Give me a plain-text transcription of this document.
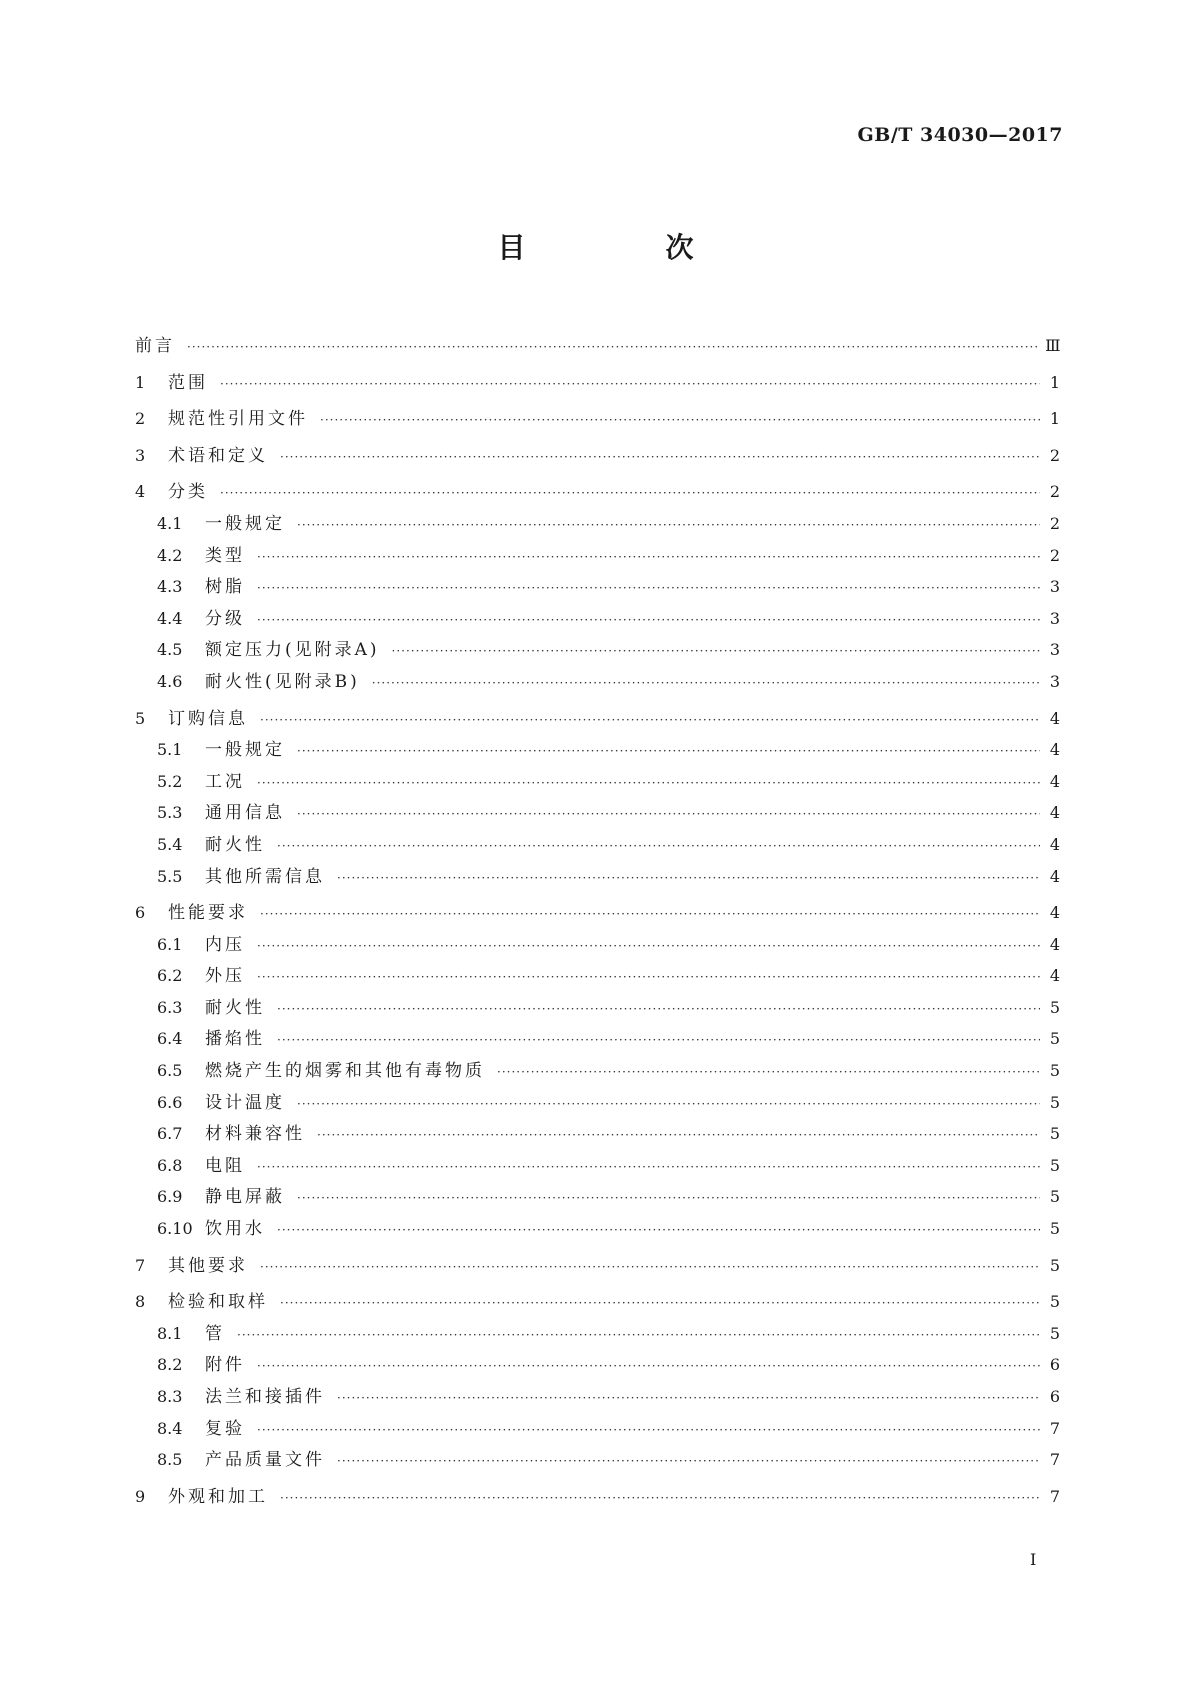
GB/T 34030—2017
目　次
前言 ·····	Ⅲ
1	范围 ·····	1
2	规范性引用文件 ·····	1
3	术语和定义 ·····	2
4	分类 ·····	2
4.1	一般规定 ·····	2
4.2	类型 ·····	2
4.3	树脂 ·····	3
4.4	分级 ·····	3
4.5	额定压力(见附录A) ·····	3
4.6	耐火性(见附录B) ·····	3
5	订购信息 ·····	4
5.1	一般规定 ·····	4
5.2	工况 ·····	4
5.3	通用信息 ·····	4
5.4	耐火性 ·····	4
5.5	其他所需信息 ·····	4
6	性能要求 ·····	4
6.1	内压 ·····	4
6.2	外压 ·····	4
6.3	耐火性 ·····	5
6.4	播焰性 ·····	5
6.5	燃烧产生的烟雾和其他有毒物质 ·····	5
6.6	设计温度 ·····	5
6.7	材料兼容性 ·····	5
6.8	电阻 ·····	5
6.9	静电屏蔽 ·····	5
6.10 饮用水 ·····	5
7	其他要求 ·····	5
8	检验和取样 ·····	5
8.1	管 ·····	5
8.2	附件 ·····	6
8.3	法兰和接插件 ·····	6
8.4	复验 ·····	7
8.5	产品质量文件 ·····	7
9	外观和加工 ·····	7
I
